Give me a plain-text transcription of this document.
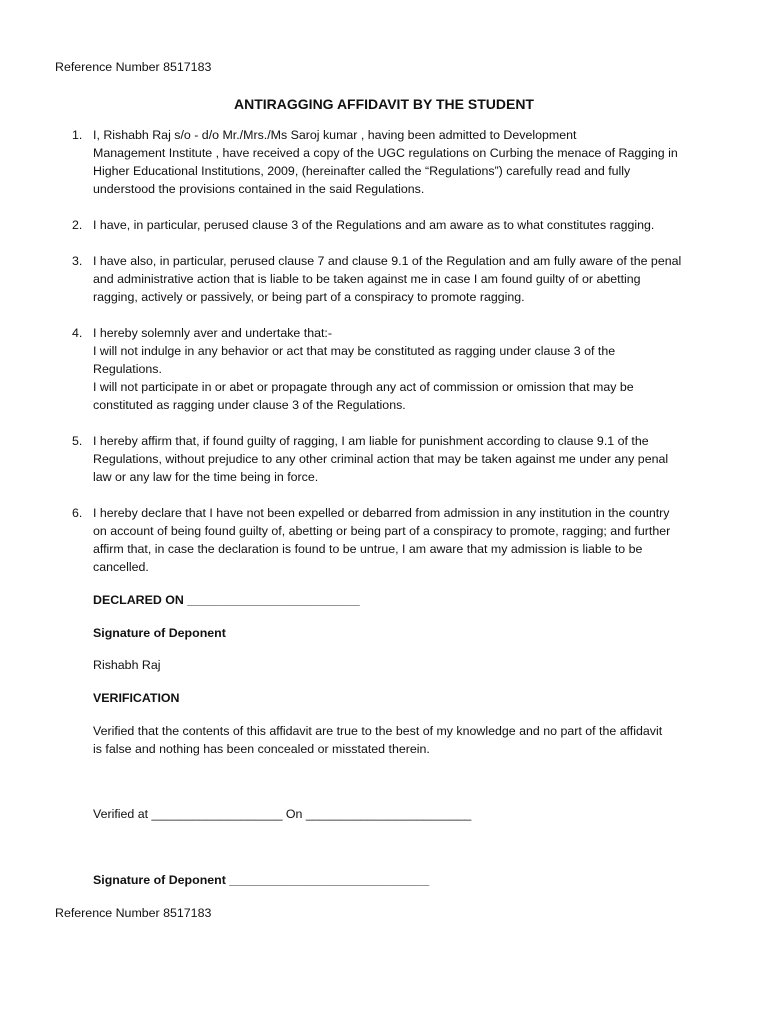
Reference Number 8517183
ANTIRAGGING AFFIDAVIT BY THE STUDENT
1. I, Rishabh Raj s/o - d/o Mr./Mrs./Ms Saroj kumar , having been admitted to Development
Management Institute , have received a copy of the UGC regulations on Curbing the menace of Ragging in
Higher Educational Institutions, 2009, (hereinafter called the “Regulations”) carefully read and fully
understood the provisions contained in the said Regulations.
2. I have, in particular, perused clause 3 of the Regulations and am aware as to what constitutes ragging.
3. I have also, in particular, perused clause 7 and clause 9.1 of the Regulation and am fully aware of the penal
and administrative action that is liable to be taken against me in case I am found guilty of or abetting
ragging, actively or passively, or being part of a conspiracy to promote ragging.
4. I hereby solemnly aver and undertake that:-
I will not indulge in any behavior or act that may be constituted as ragging under clause 3 of the
Regulations.
I will not participate in or abet or propagate through any act of commission or omission that may be
constituted as ragging under clause 3 of the Regulations.
5. I hereby affirm that, if found guilty of ragging, I am liable for punishment according to clause 9.1 of the
Regulations, without prejudice to any other criminal action that may be taken against me under any penal
law or any law for the time being in force.
6. I hereby declare that I have not been expelled or debarred from admission in any institution in the country
on account of being found guilty of, abetting or being part of a conspiracy to promote, ragging; and further
affirm that, in case the declaration is found to be untrue, I am aware that my admission is liable to be
cancelled.
DECLARED ON _________________________
Signature of Deponent
Rishabh Raj
VERIFICATION
Verified that the contents of this affidavit are true to the best of my knowledge and no part of the affidavit
is false and nothing has been concealed or misstated therein.
Verified at ___________________ On ________________________
Signature of Deponent _____________________________
Reference Number 8517183
